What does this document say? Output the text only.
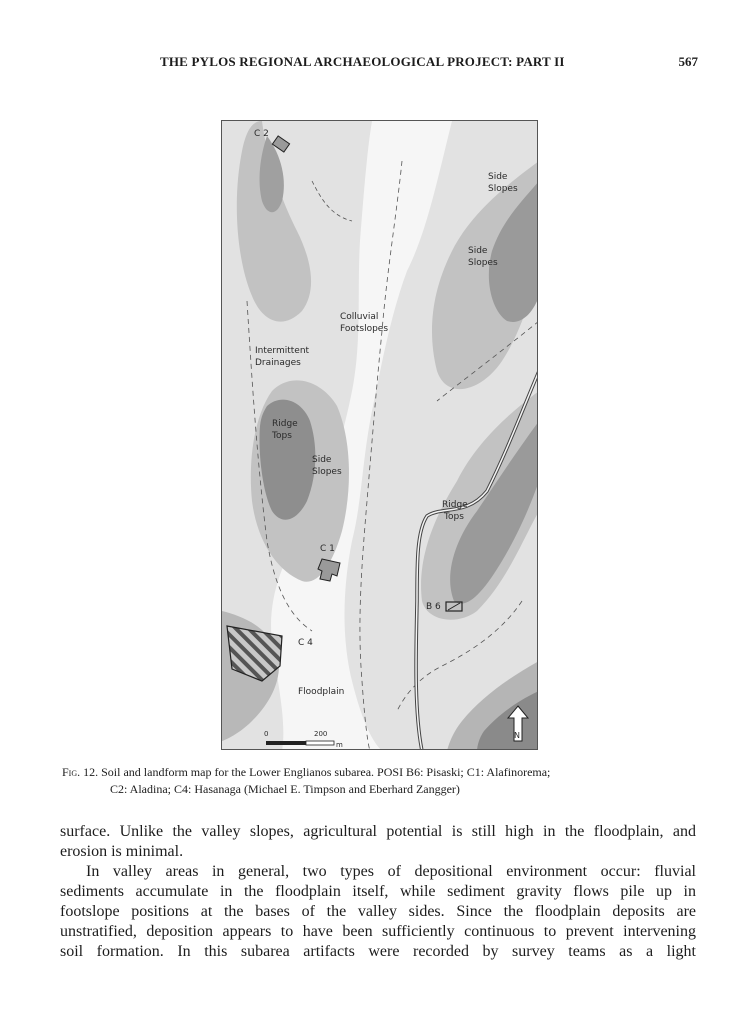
THE PYLOS REGIONAL ARCHAEOLOGICAL PROJECT: PART II	567
C 2
Side
Slopes
Side
Slopes
Colluvial
Footslopes
Intermittent
Drainages
Ridge
Tops
Side
Slopes
Ridge
Tops
C 1
B 6
C 4
Floodplain
0	200
m
N
Fig. 12. Soil and landform map for the Lower Englianos subarea. POSI B6: Pisaski; C1: Alafinorema;
C2: Aladina; C4: Hasanaga (Michael E. Timpson and Eberhard Zangger)
surface. Unlike the valley slopes, agricultural potential is still high in the floodplain, and
erosion is minimal.
In valley areas in general, two types of depositional environment occur: fluvial
sediments accumulate in the floodplain itself, while sediment gravity flows pile up in
footslope positions at the bases of the valley sides. Since the floodplain deposits are
unstratified, deposition appears to have been sufficiently continuous to prevent intervening
soil formation. In this subarea artifacts were recorded by survey teams as a light
